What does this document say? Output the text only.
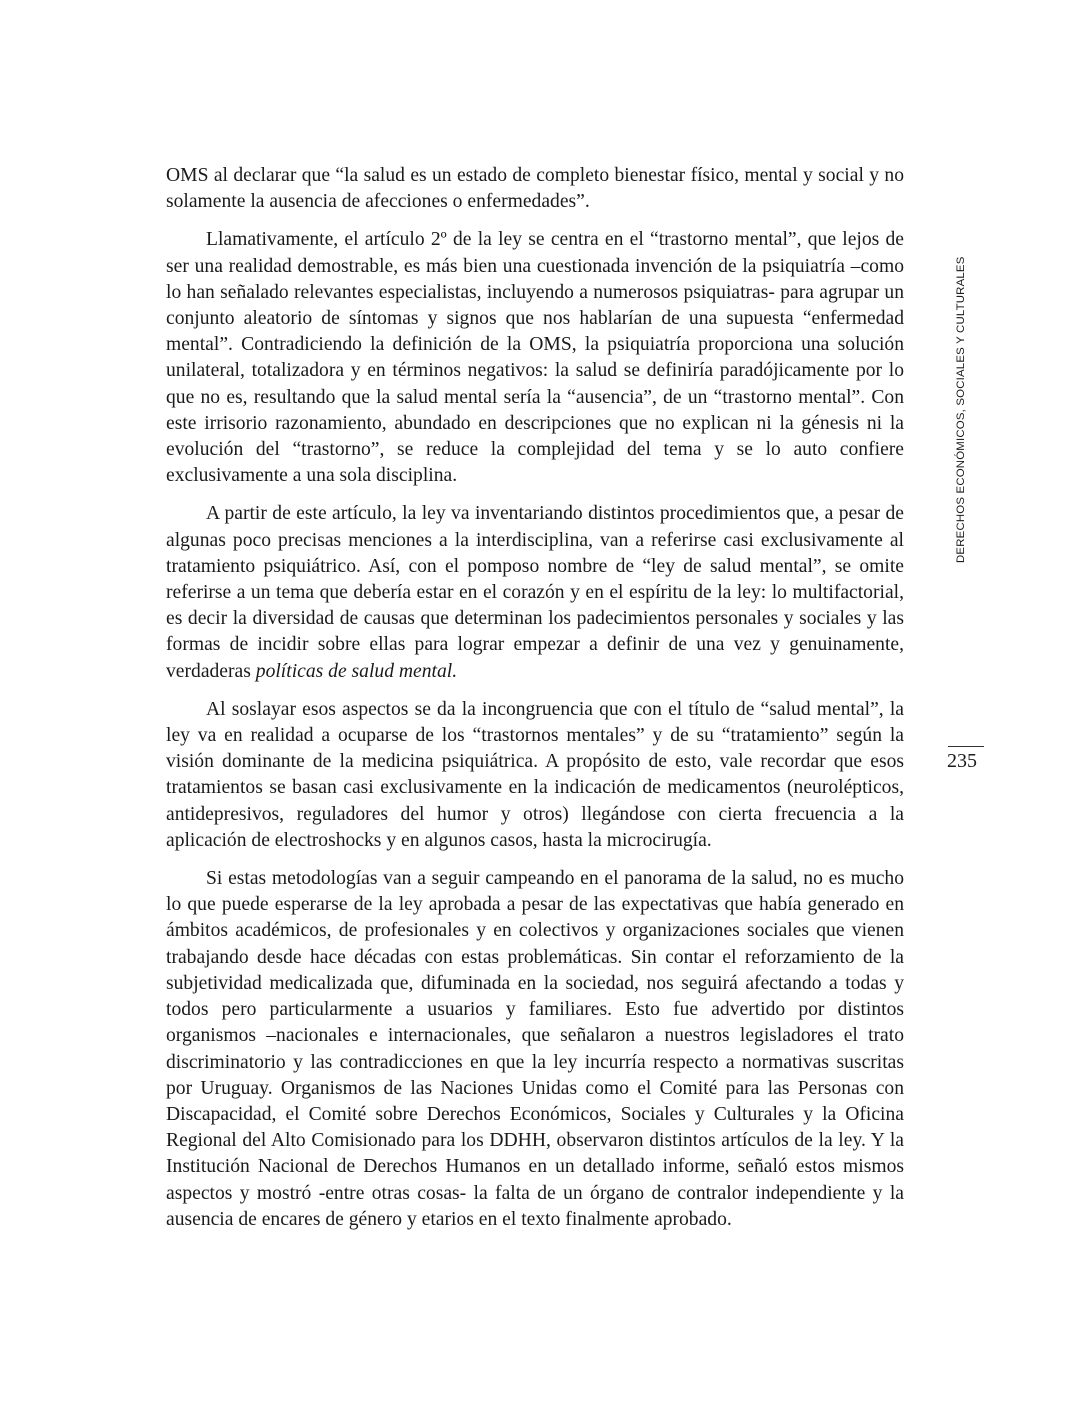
OMS al declarar que “la salud es un estado de completo bienestar físico, mental y social y no solamente la ausencia de afecciones o enfermedades”.

Llamativamente, el artículo 2º de la ley se centra en el “trastorno mental”, que lejos de ser una realidad demostrable, es más bien una cuestionada invención de la psiquiatría –como lo han señalado relevantes especialistas, incluyendo a numerosos psiquiatras- para agrupar un conjunto aleatorio de síntomas y signos que nos hablarían de una supuesta “enfermedad mental”. Contradiciendo la definición de la OMS, la psiquiatría proporciona una solución unilateral, totalizadora y en términos negativos: la salud se definiría paradójicamente por lo que no es, resultando que la salud mental sería la “ausencia”, de un “trastorno mental”. Con este irrisorio razonamiento, abundado en descripciones que no explican ni la génesis ni la evolución del “trastorno”, se reduce la complejidad del tema y se lo auto confiere exclusivamente a una sola disciplina.

A partir de este artículo, la ley va inventariando distintos procedimientos que, a pesar de algunas poco precisas menciones a la interdisciplina, van a referirse casi exclusivamente al tratamiento psiquiátrico. Así, con el pomposo nombre de “ley de salud mental”, se omite referirse a un tema que debería estar en el corazón y en el espíritu de la ley: lo multifactorial, es decir la diversidad de causas que determinan los padecimientos personales y sociales y las formas de incidir sobre ellas para lograr empezar a definir de una vez y genuinamente, verdaderas políticas de salud mental.

Al soslayar esos aspectos se da la incongruencia que con el título de “salud mental”, la ley va en realidad a ocuparse de los “trastornos mentales” y de su “tratamiento” según la visión dominante de la medicina psiquiátrica. A propósito de esto, vale recordar que esos tratamientos se basan casi exclusivamente en la indicación de medicamentos (neurolépticos, antidepresivos, reguladores del humor y otros) llegándose con cierta frecuencia a la aplicación de electroshocks y en algunos casos, hasta la microcirugía.

Si estas metodologías van a seguir campeando en el panorama de la salud, no es mucho lo que puede esperarse de la ley aprobada a pesar de las expectativas que había generado en ámbitos académicos, de profesionales y en colectivos y organizaciones sociales que vienen trabajando desde hace décadas con estas problemáticas. Sin contar el reforzamiento de la subjetividad medicalizada que, difuminada en la sociedad, nos seguirá afectando a todas y todos pero particularmente a usuarios y familiares. Esto fue advertido por distintos organismos –nacionales e internacionales, que señalaron a nuestros legisladores el trato discriminatorio y las contradicciones en que la ley incurría respecto a normativas suscritas por Uruguay. Organismos de las Naciones Unidas como el Comité para las Personas con Discapacidad, el Comité sobre Derechos Económicos, Sociales y Culturales y la Oficina Regional del Alto Comisionado para los DDHH, observaron distintos artículos de la ley. Y la Institución Nacional de Derechos Humanos en un detallado informe, señaló estos mismos aspectos y mostró -entre otras cosas- la falta de un órgano de contralor independiente y la ausencia de encares de género y etarios en el texto finalmente aprobado.

DERECHOS ECONÓMICOS, SOCIALES Y CULTURALES
235
